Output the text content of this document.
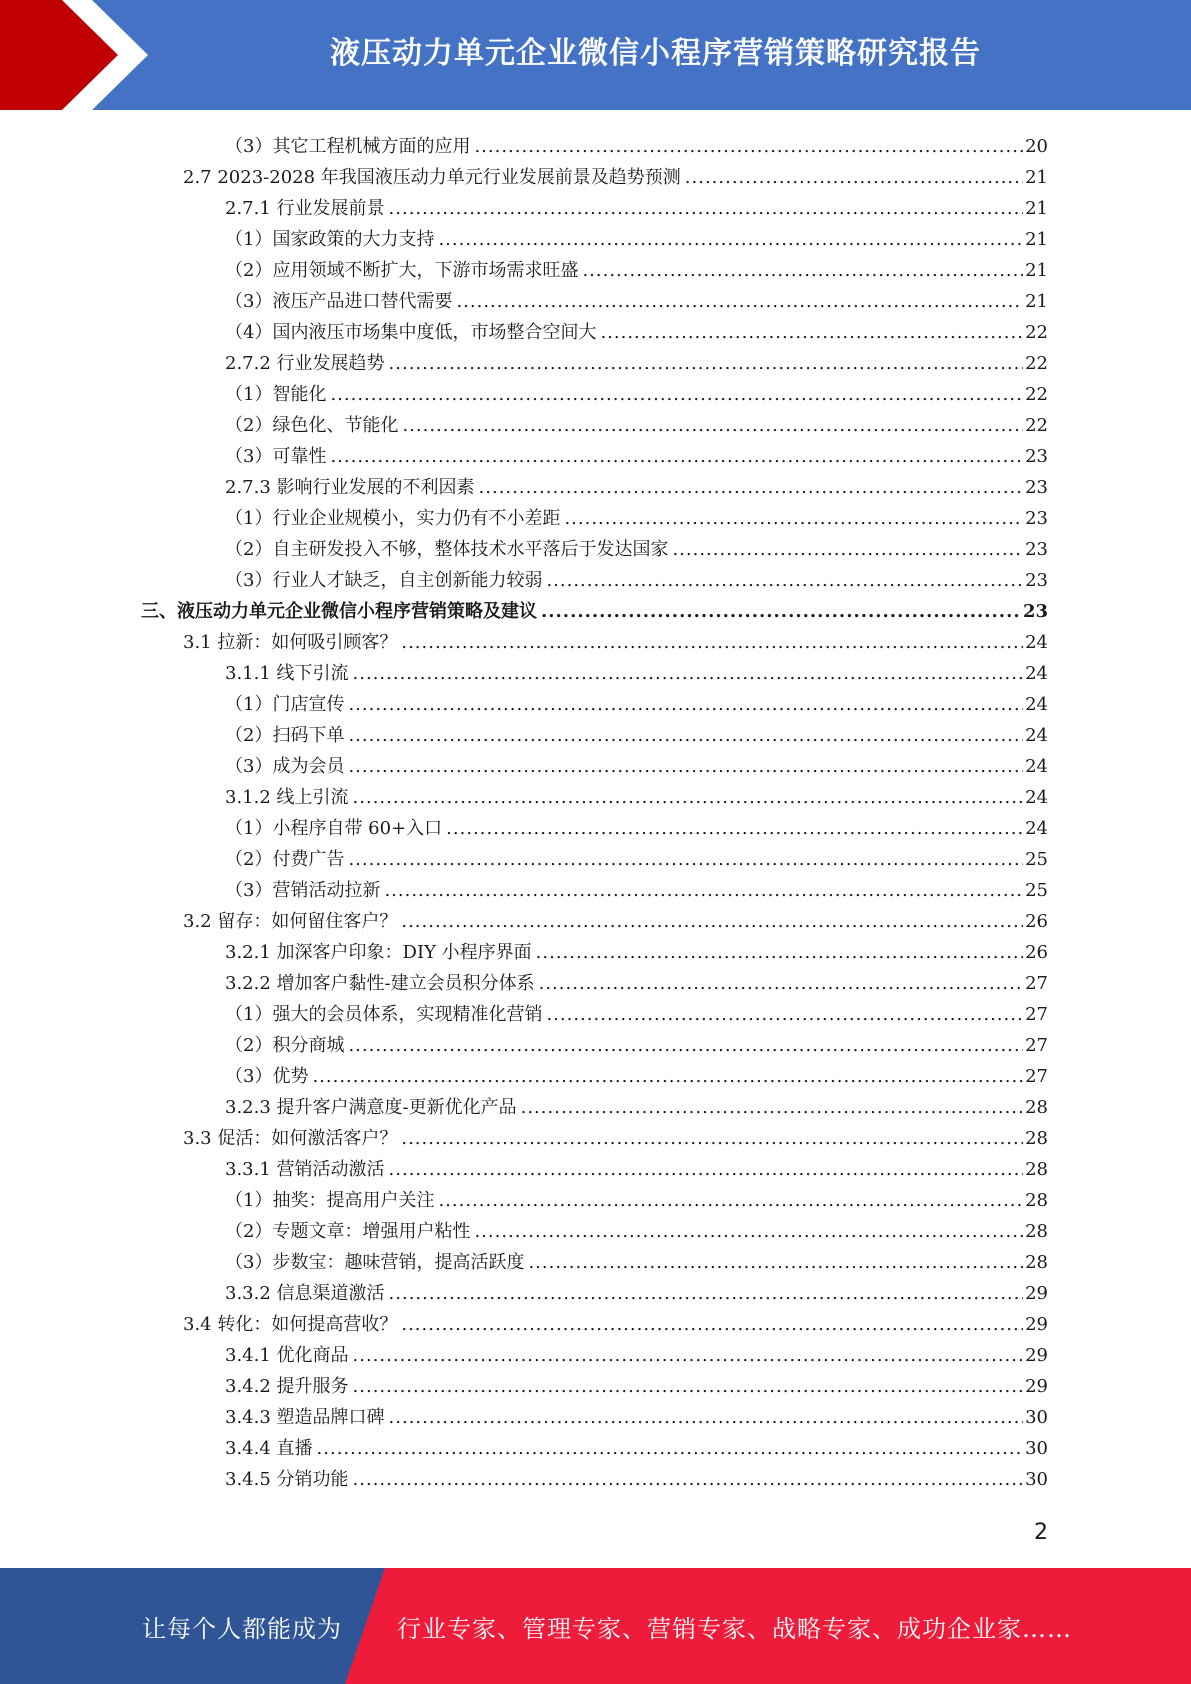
液压动力单元企业微信小程序营销策略研究报告
（3）其它工程机械方面的应用 .....	20
2.7 2023-2028 年我国液压动力单元行业发展前景及趋势预测 .....	21
2.7.1 行业发展前景 .....	21
（1）国家政策的大力支持 .....	21
（2）应用领域不断扩大，下游市场需求旺盛 .....	21
（3）液压产品进口替代需要 .....	21
（4）国内液压市场集中度低，市场整合空间大 .....	22
2.7.2 行业发展趋势 .....	22
（1）智能化 .....	22
（2）绿色化、节能化 .....	22
（3）可靠性 .....	23
2.7.3 影响行业发展的不利因素 .....	23
（1）行业企业规模小，实力仍有不小差距 .....	23
（2）自主研发投入不够，整体技术水平落后于发达国家 .....	23
（3）行业人才缺乏，自主创新能力较弱 .....	23
三、液压动力单元企业微信小程序营销策略及建议 .....	23
3.1 拉新：如何吸引顾客？ .....	24
3.1.1 线下引流 .....	24
（1）门店宣传 .....	24
（2）扫码下单 .....	24
（3）成为会员 .....	24
3.1.2 线上引流 .....	24
（1）小程序自带 60+入口 .....	24
（2）付费广告 .....	25
（3）营销活动拉新 .....	25
3.2 留存：如何留住客户？ .....	26
3.2.1 加深客户印象：DIY 小程序界面 .....	26
3.2.2 增加客户黏性-建立会员积分体系 .....	27
（1）强大的会员体系，实现精准化营销 .....	27
（2）积分商城 .....	27
（3）优势 .....	27
3.2.3 提升客户满意度-更新优化产品 .....	28
3.3 促活：如何激活客户？ .....	28
3.3.1 营销活动激活 .....	28
（1）抽奖：提高用户关注 .....	28
（2）专题文章：增强用户粘性 .....	28
（3）步数宝：趣味营销，提高活跃度 .....	28
3.3.2 信息渠道激活 .....	29
3.4 转化：如何提高营收？ .....	29
3.4.1 优化商品 .....	29
3.4.2 提升服务 .....	29
3.4.3 塑造品牌口碑 .....	30
3.4.4 直播 .....	30
3.4.5 分销功能 .....	30
2
让每个人都能成为 行业专家、管理专家、营销专家、战略专家、成功企业家……
